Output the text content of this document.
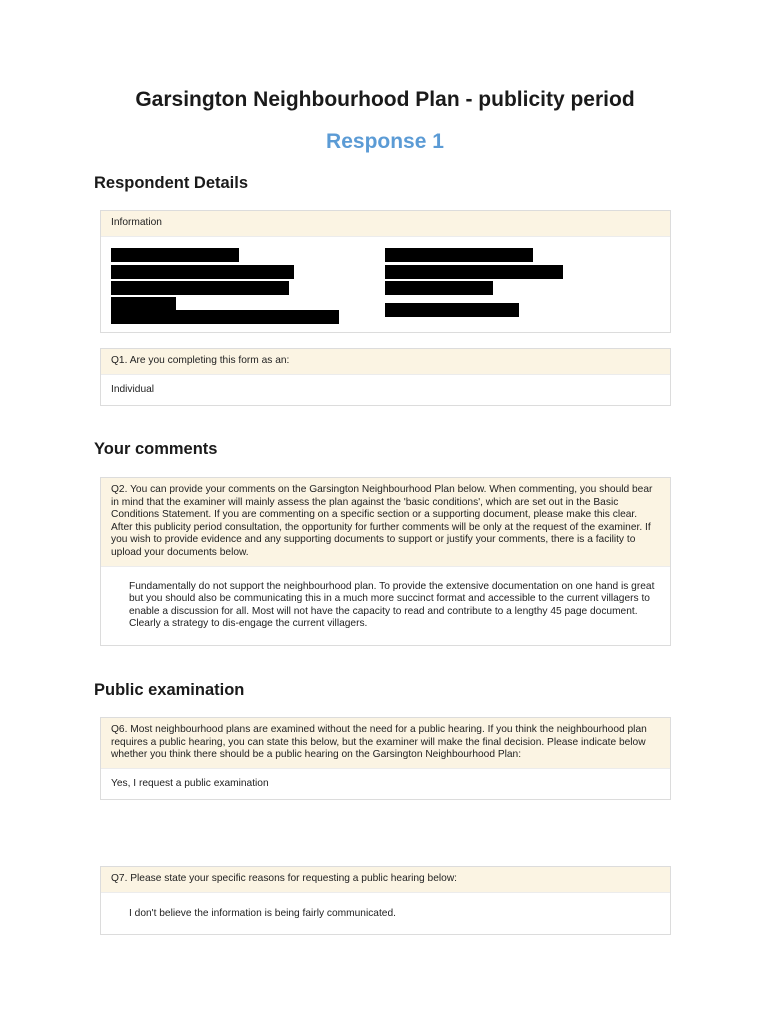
Garsington Neighbourhood Plan - publicity period
Response 1
Respondent Details
Information
Q1. Are you completing this form as an:
Individual
Your comments
Q2. You can provide your comments on the Garsington Neighbourhood Plan below. When commenting, you should bear in mind that the examiner will mainly assess the plan against the 'basic conditions', which are set out in the Basic Conditions Statement. If you are commenting on a specific section or a supporting document, please make this clear. After this publicity period consultation, the opportunity for further comments will be only at the request of the examiner. If you wish to provide evidence and any supporting documents to support or justify your comments, there is a facility to upload your documents below.
Fundamentally do not support the neighbourhood plan. To provide the extensive documentation on one hand is great but you should also be communicating this in a much more succinct format and accessible to the current villagers to enable a discussion for all. Most will not have the capacity to read and contribute to a lengthy 45 page document. Clearly a strategy to dis-engage the current villagers.
Public examination
Q6. Most neighbourhood plans are examined without the need for a public hearing. If you think the neighbourhood plan requires a public hearing, you can state this below, but the examiner will make the final decision. Please indicate below whether you think there should be a public hearing on the Garsington Neighbourhood Plan:
Yes, I request a public examination
Q7. Please state your specific reasons for requesting a public hearing below:
I don't believe the information is being fairly communicated.
